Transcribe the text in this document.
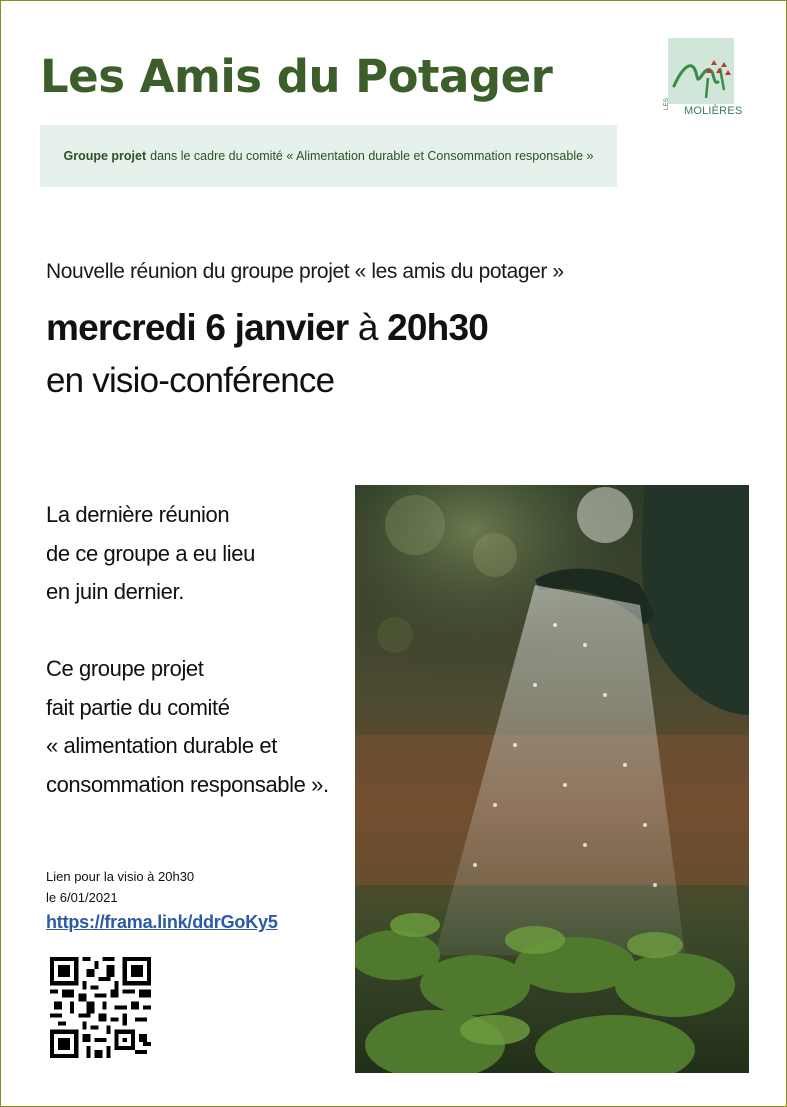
Les Amis du Potager
LESMOLIÈRES
Groupe projet dans le cadre du comité « Alimentation durable et Consommation responsable »
Nouvelle réunion du groupe projet « les amis du potager »
mercredi 6 janvier à 20h30
en visio-conférence
La dernière réunion
de ce groupe a eu lieu
en juin dernier.
Ce groupe projet
fait partie du comité
« alimentation durable et
consommation responsable ».
Lien pour la visio à 20h30
le 6/01/2021
https://frama.link/ddrGoKy5
